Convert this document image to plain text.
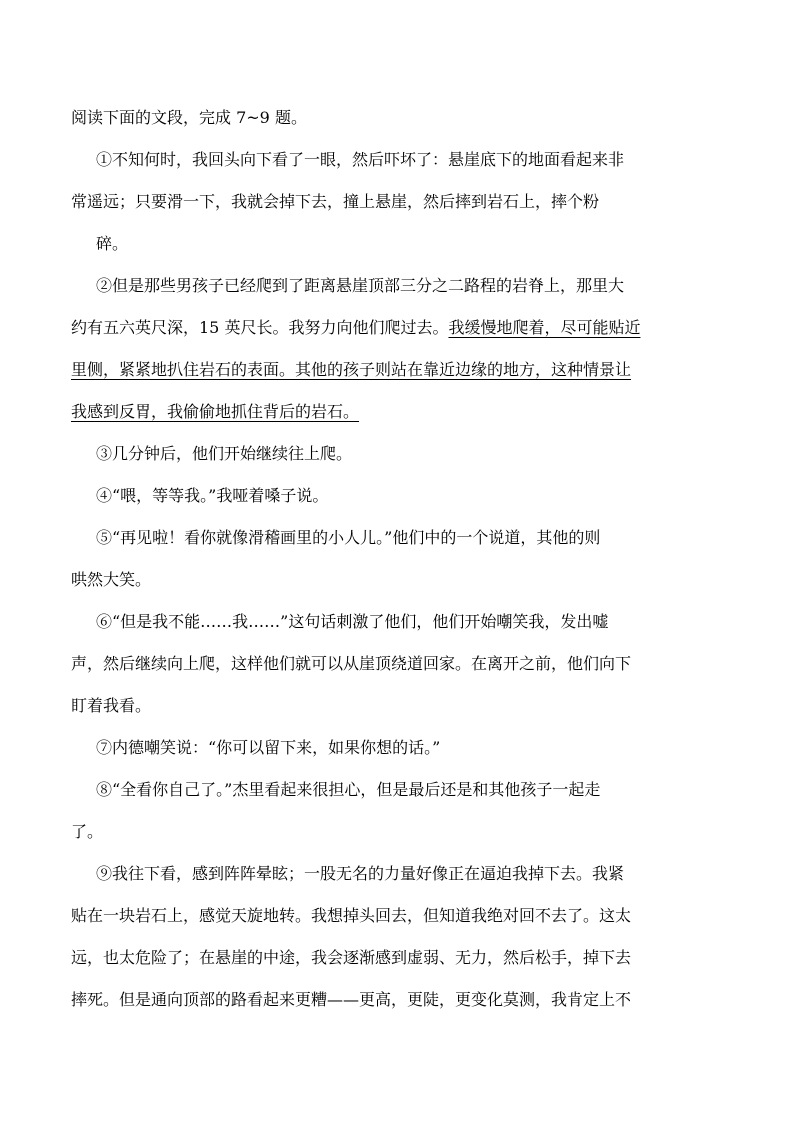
阅读下面的文段，完成 7~9 题。
①不知何时，我回头向下看了一眼，然后吓坏了：悬崖底下的地面看起来非
常遥远；只要滑一下，我就会掉下去，撞上悬崖，然后摔到岩石上，摔个粉
碎。
②但是那些男孩子已经爬到了距离悬崖顶部三分之二路程的岩脊上，那里大
约有五六英尺深，15 英尺长。我努力向他们爬过去。我缓慢地爬着，尽可能贴近
里侧，紧紧地扒住岩石的表面。其他的孩子则站在靠近边缘的地方，这种情景让
我感到反胃，我偷偷地抓住背后的岩石。
③几分钟后，他们开始继续往上爬。
④“喂，等等我。”我哑着嗓子说。
⑤“再见啦！看你就像滑稽画里的小人儿。”他们中的一个说道，其他的则
哄然大笑。
⑥“但是我不能……我……”这句话刺激了他们，他们开始嘲笑我，发出嘘
声，然后继续向上爬，这样他们就可以从崖顶绕道回家。在离开之前，他们向下
盯着我看。
⑦内德嘲笑说：“你可以留下来，如果你想的话。”
⑧“全看你自己了。”杰里看起来很担心，但是最后还是和其他孩子一起走
了。
⑨我往下看，感到阵阵晕眩；一股无名的力量好像正在逼迫我掉下去。我紧
贴在一块岩石上，感觉天旋地转。我想掉头回去，但知道我绝对回不去了。这太
远，也太危险了；在悬崖的中途，我会逐渐感到虚弱、无力，然后松手，掉下去
摔死。但是通向顶部的路看起来更糟——更高，更陡，更变化莫测，我肯定上不
